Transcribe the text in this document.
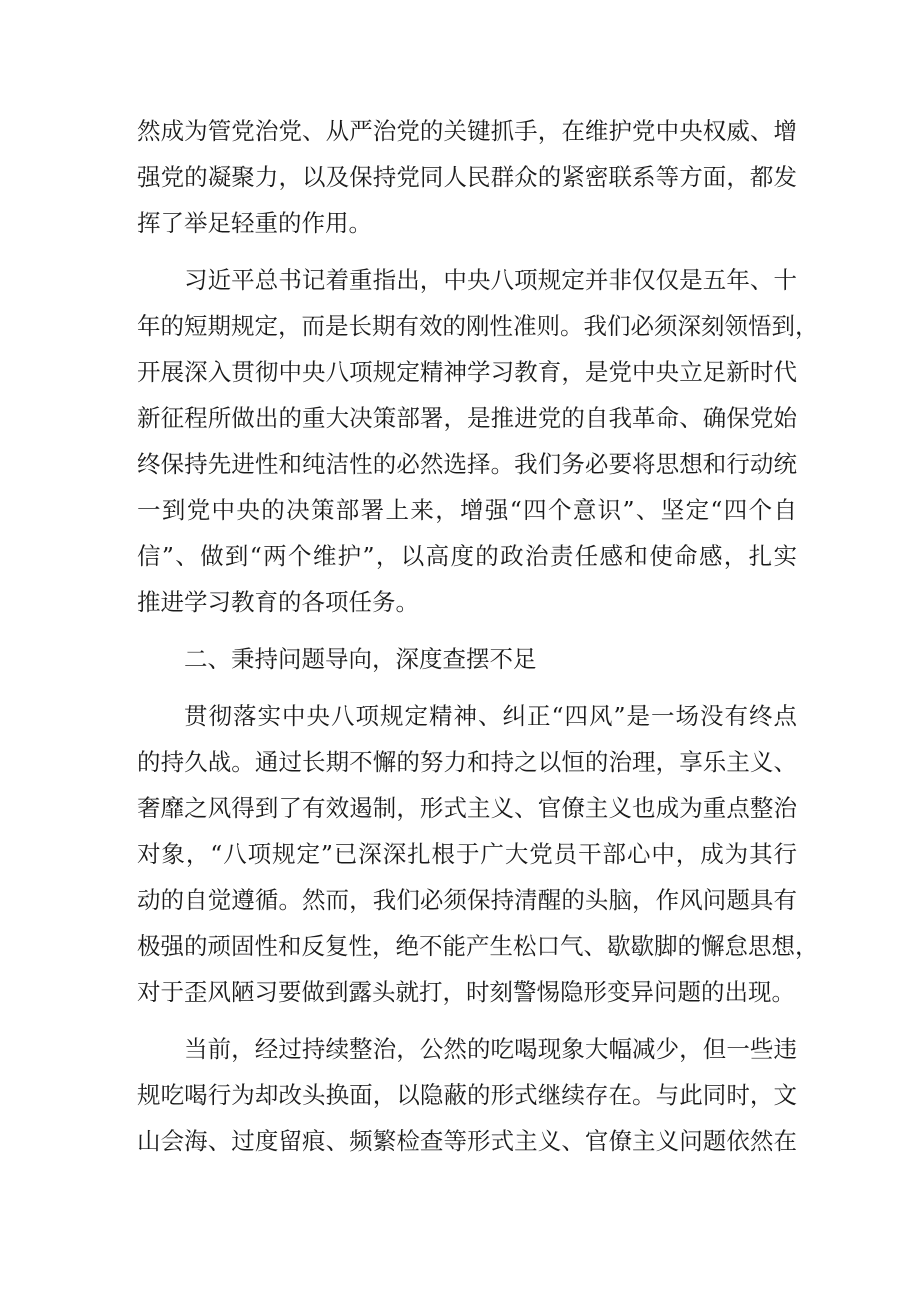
然成为管党治党、从严治党的关键抓手，在维护党中央权威、增
强党的凝聚力，以及保持党同人民群众的紧密联系等方面，都发
挥了举足轻重的作用。
习近平总书记着重指出，中央八项规定并非仅仅是五年、十
年的短期规定，而是长期有效的刚性准则。我们必须深刻领悟到，
开展深入贯彻中央八项规定精神学习教育，是党中央立足新时代
新征程所做出的重大决策部署，是推进党的自我革命、确保党始
终保持先进性和纯洁性的必然选择。我们务必要将思想和行动统
一到党中央的决策部署上来，增强“四个意识”、坚定“四个自
信”、做到“两个维护”，以高度的政治责任感和使命感，扎实
推进学习教育的各项任务。
二、秉持问题导向，深度查摆不足
贯彻落实中央八项规定精神、纠正“四风”是一场没有终点
的持久战。通过长期不懈的努力和持之以恒的治理，享乐主义、
奢靡之风得到了有效遏制，形式主义、官僚主义也成为重点整治
对象，“八项规定”已深深扎根于广大党员干部心中，成为其行
动的自觉遵循。然而，我们必须保持清醒的头脑，作风问题具有
极强的顽固性和反复性，绝不能产生松口气、歇歇脚的懈怠思想，
对于歪风陋习要做到露头就打，时刻警惕隐形变异问题的出现。
当前，经过持续整治，公然的吃喝现象大幅减少，但一些违
规吃喝行为却改头换面，以隐蔽的形式继续存在。与此同时，文
山会海、过度留痕、频繁检查等形式主义、官僚主义问题依然在
